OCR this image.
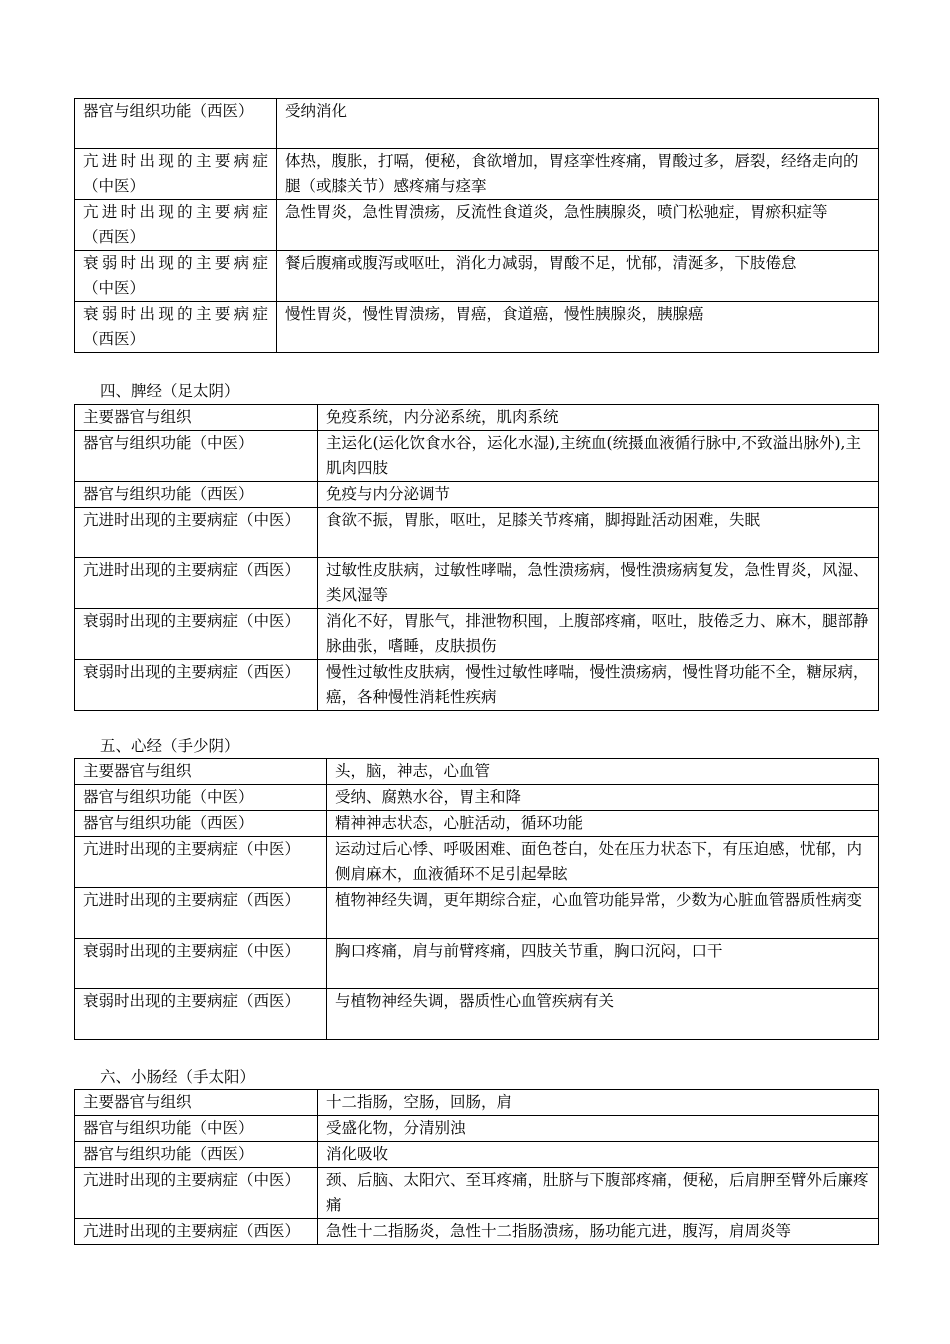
器官与组织功能（西医）	受纳消化
亢进时出现的主要病症（中医）	体热，腹胀，打嗝，便秘，食欲增加，胃痉挛性疼痛，胃酸过多，唇裂，经络走向的腿（或膝关节）感疼痛与痉挛
亢进时出现的主要病症（西医）	急性胃炎，急性胃溃疡，反流性食道炎，急性胰腺炎，喷门松驰症，胃瘀积症等
衰弱时出现的主要病症（中医）	餐后腹痛或腹泻或呕吐，消化力减弱，胃酸不足，忧郁，清涎多，下肢倦怠
衰弱时出现的主要病症（西医）	慢性胃炎，慢性胃溃疡，胃癌，食道癌，慢性胰腺炎，胰腺癌
四、脾经（足太阴）
主要器官与组织	免疫系统，内分泌系统，肌肉系统
器官与组织功能（中医）	主运化(运化饮食水谷，运化水湿),主统血(统摄血液循行脉中,不致溢出脉外),主肌肉四肢
器官与组织功能（西医）	免疫与内分泌调节
亢进时出现的主要病症（中医）	食欲不振，胃胀，呕吐，足膝关节疼痛，脚拇趾活动困难，失眠
亢进时出现的主要病症（西医）	过敏性皮肤病，过敏性哮喘，急性溃疡病，慢性溃疡病复发，急性胃炎，风湿、类风湿等
衰弱时出现的主要病症（中医）	消化不好，胃胀气，排泄物积囤，上腹部疼痛，呕吐，肢倦乏力、麻木，腿部静脉曲张，嗜睡，皮肤损伤
衰弱时出现的主要病症（西医）	慢性过敏性皮肤病，慢性过敏性哮喘，慢性溃疡病，慢性肾功能不全，糖尿病，癌，各种慢性消耗性疾病
五、心经（手少阴）
主要器官与组织	头，脑，神志，心血管
器官与组织功能（中医）	受纳、腐熟水谷，胃主和降
器官与组织功能（西医）	精神神志状态，心脏活动，循环功能
亢进时出现的主要病症（中医）	运动过后心悸、呼吸困难、面色苍白，处在压力状态下，有压迫感，忧郁，内侧肩麻木，血液循环不足引起晕眩
亢进时出现的主要病症（西医）	植物神经失调，更年期综合症，心血管功能异常，少数为心脏血管器质性病变
衰弱时出现的主要病症（中医）	胸口疼痛，肩与前臂疼痛，四肢关节重，胸口沉闷，口干
衰弱时出现的主要病症（西医）	与植物神经失调，器质性心血管疾病有关
六、小肠经（手太阳）
主要器官与组织	十二指肠，空肠，回肠，肩
器官与组织功能（中医）	受盛化物，分清别浊
器官与组织功能（西医）	消化吸收
亢进时出现的主要病症（中医）	颈、后脑、太阳穴、至耳疼痛，肚脐与下腹部疼痛，便秘，后肩胛至臂外后廉疼痛
亢进时出现的主要病症（西医）	急性十二指肠炎，急性十二指肠溃疡，肠功能亢进，腹泻，肩周炎等
